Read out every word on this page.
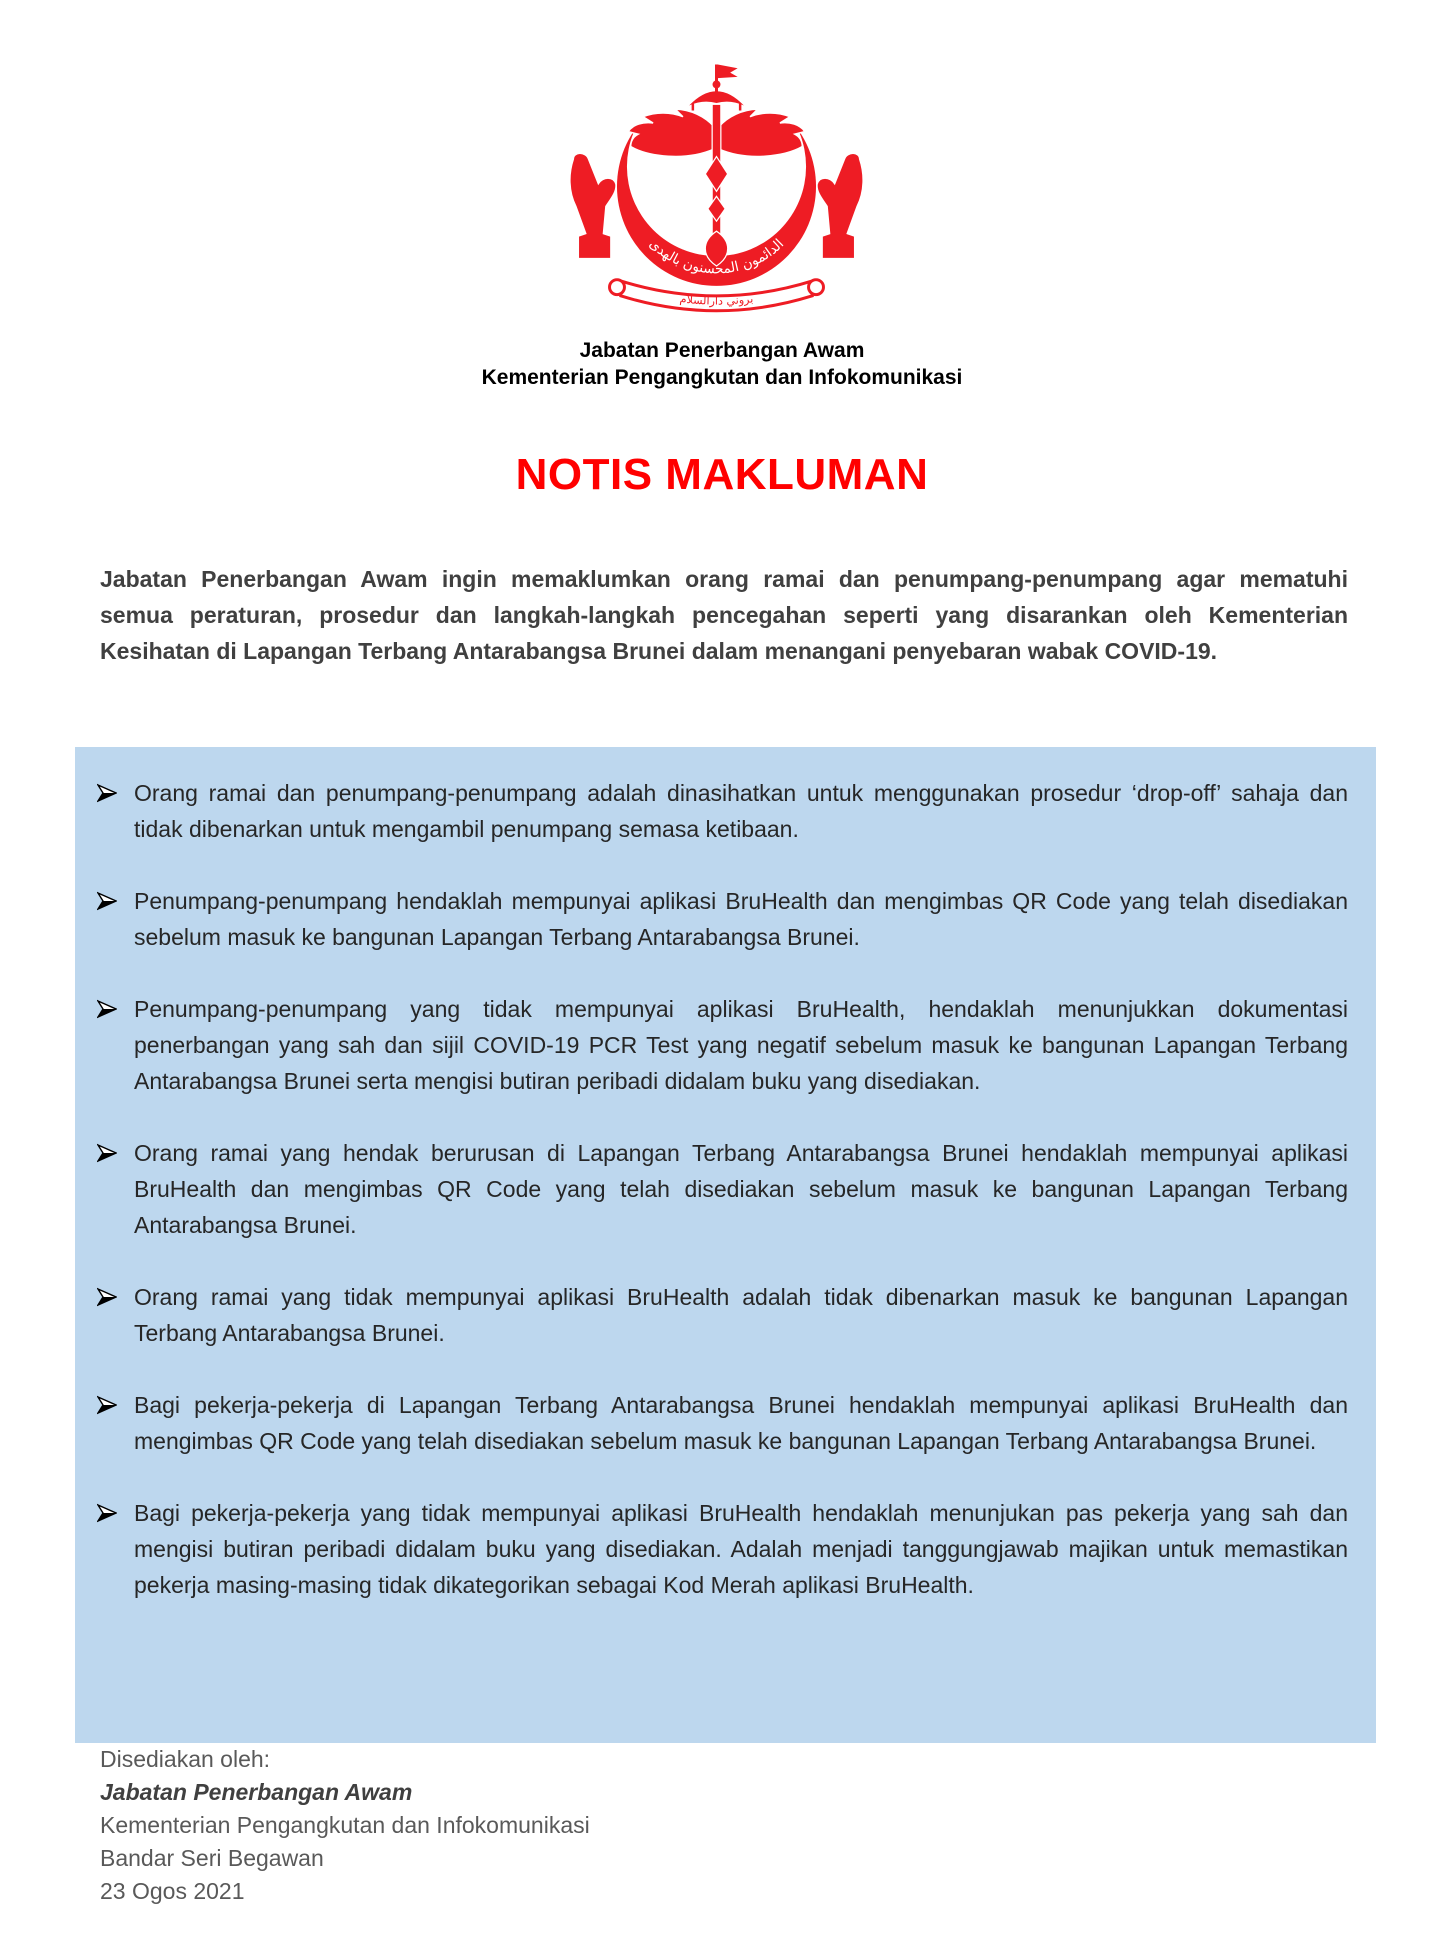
الدائمون المحسنون بالهدى
بروني دارالسلام
Jabatan Penerbangan Awam
Kementerian Pengangkutan dan Infokomunikasi
NOTIS MAKLUMAN

Jabatan Penerbangan Awam ingin memaklumkan orang ramai dan penumpang-penumpang agar mematuhi semua peraturan, prosedur dan langkah-langkah pencegahan seperti yang disarankan oleh Kementerian Kesihatan di Lapangan Terbang Antarabangsa Brunei dalam menangani penyebaran wabak COVID-19.

Orang ramai dan penumpang-penumpang adalah dinasihatkan untuk menggunakan prosedur ‘drop-off’ sahaja dan tidak dibenarkan untuk mengambil penumpang semasa ketibaan.
Penumpang-penumpang hendaklah mempunyai aplikasi BruHealth dan mengimbas QR Code yang telah disediakan sebelum masuk ke bangunan Lapangan Terbang Antarabangsa Brunei.
Penumpang-penumpang yang tidak mempunyai aplikasi BruHealth, hendaklah menunjukkan dokumentasi penerbangan yang sah dan sijil COVID-19 PCR Test yang negatif sebelum masuk ke bangunan Lapangan Terbang Antarabangsa Brunei serta mengisi butiran peribadi didalam buku yang disediakan.
Orang ramai yang hendak berurusan di Lapangan Terbang Antarabangsa Brunei hendaklah mempunyai aplikasi BruHealth dan mengimbas QR Code yang telah disediakan sebelum masuk ke bangunan Lapangan Terbang Antarabangsa Brunei.
Orang ramai yang tidak mempunyai aplikasi BruHealth adalah tidak dibenarkan masuk ke bangunan Lapangan Terbang Antarabangsa Brunei.
Bagi pekerja-pekerja di Lapangan Terbang Antarabangsa Brunei hendaklah mempunyai aplikasi BruHealth dan mengimbas QR Code yang telah disediakan sebelum masuk ke bangunan Lapangan Terbang Antarabangsa Brunei.
Bagi pekerja-pekerja yang tidak mempunyai aplikasi BruHealth hendaklah menunjukan pas pekerja yang sah dan mengisi butiran peribadi didalam buku yang disediakan. Adalah menjadi tanggungjawab majikan untuk memastikan pekerja masing-masing tidak dikategorikan sebagai Kod Merah aplikasi BruHealth.
Disediakan oleh:
Jabatan Penerbangan Awam
Kementerian Pengangkutan dan Infokomunikasi
Bandar Seri Begawan
23 Ogos 2021
